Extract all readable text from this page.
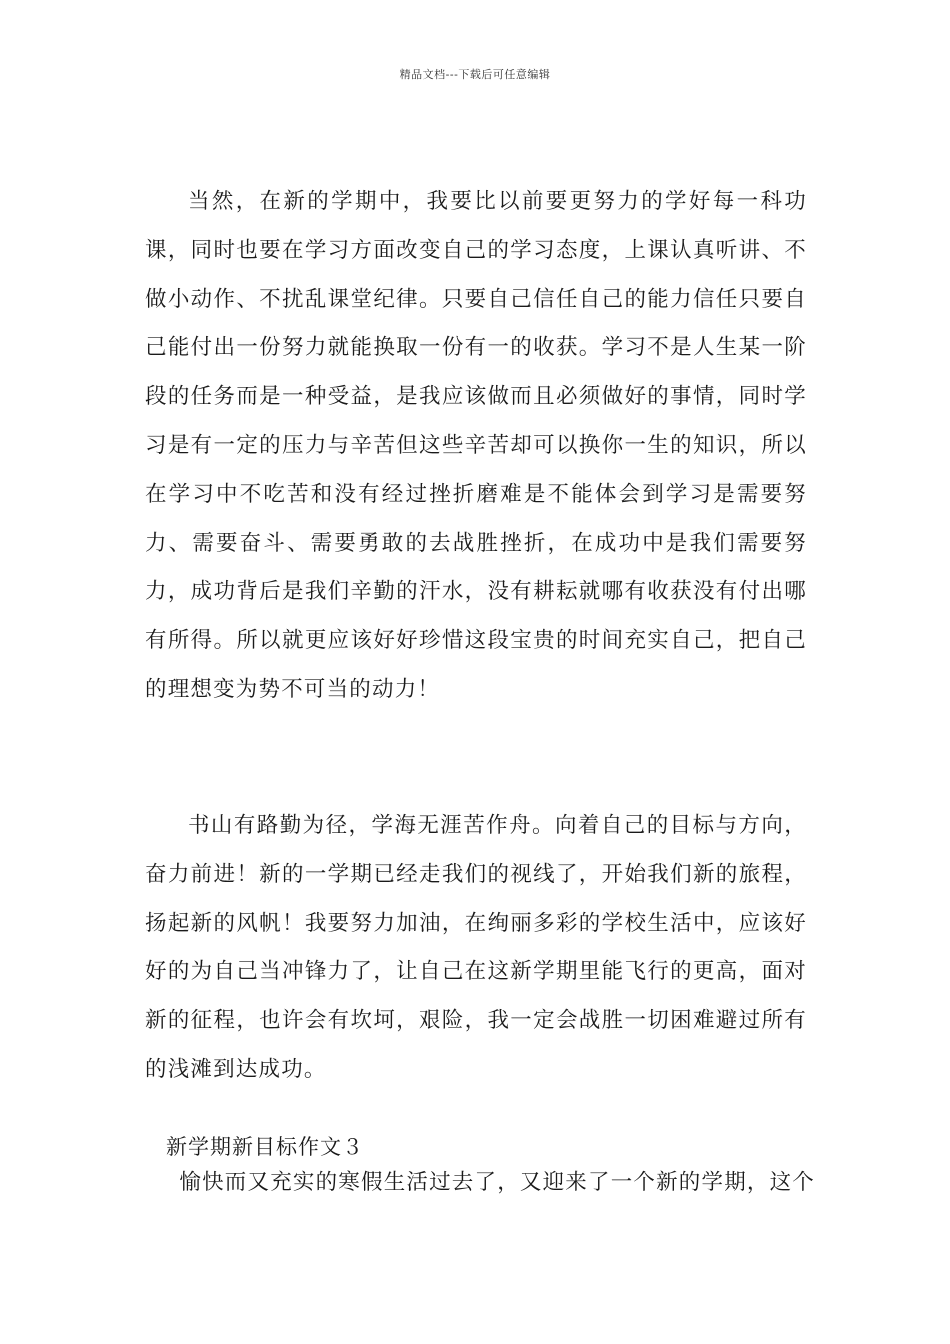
精品文档---下载后可任意编辑

当然，在新的学期中，我要比以前要更努力的学好每一科功课，同时也要在学习方面改变自己的学习态度，上课认真听讲、不做小动作、不扰乱课堂纪律。只要自己信任自己的能力信任只要自己能付出一份努力就能换取一份有一的收获。学习不是人生某一阶段的任务而是一种受益，是我应该做而且必须做好的事情，同时学习是有一定的压力与辛苦但这些辛苦却可以换你一生的知识，所以在学习中不吃苦和没有经过挫折磨难是不能体会到学习是需要努力、需要奋斗、需要勇敢的去战胜挫折，在成功中是我们需要努力，成功背后是我们辛勤的汗水，没有耕耘就哪有收获没有付出哪有所得。所以就更应该好好珍惜这段宝贵的时间充实自己，把自己的理想变为势不可当的动力！

书山有路勤为径，学海无涯苦作舟。向着自己的目标与方向，奋力前进！新的一学期已经走我们的视线了，开始我们新的旅程，扬起新的风帆！我要努力加油，在绚丽多彩的学校生活中，应该好好的为自己当冲锋力了，让自己在这新学期里能飞行的更高，面对新的征程，也许会有坎坷，艰险，我一定会战胜一切困难避过所有的浅滩到达成功。

新学期新目标作文３

愉快而又充实的寒假生活过去了，又迎来了一个新的学期，这个
